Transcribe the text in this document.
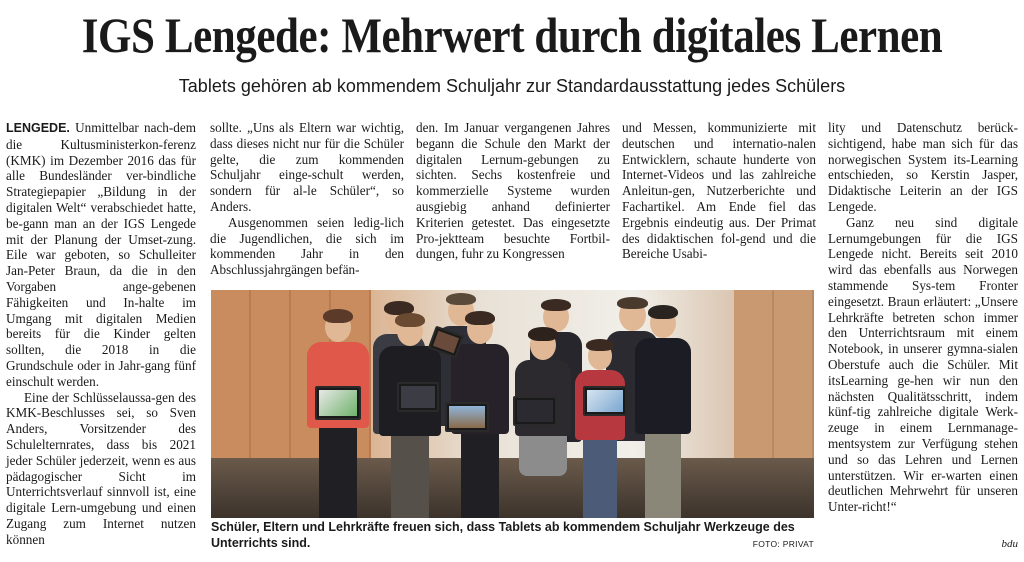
IGS Lengede: Mehrwert durch digitales Lernen
Tablets gehören ab kommendem Schuljahr zur Standardausstattung jedes Schülers

LENGEDE. Unmittelbar nach-dem die Kultusministerkon-ferenz (KMK) im Dezember 2016 das für alle Bundesländer ver-bindliche Strategiepapier „Bildung in der digitalen Welt“ verabschiedet hatte, be-gann man an der IGS Lengede mit der Planung der Umset-zung. Eile war geboten, so Schulleiter Jan-Peter Braun, da die in den Vorgaben ange-gebenen Fähigkeiten und In-halte im Umgang mit digitalen Medien bereits für die Kinder gelten sollten, die 2018 in die Grundschule oder in Jahr-gang fünf einschult werden.

Eine der Schlüsselaussa-gen des KMK-Beschlusses sei, so Sven Anders, Vorsitzender des Schulelternrates, dass bis 2021 jeder Schüler jederzeit, wenn es aus pädagogischer Sicht im Unterrichtsverlauf sinnvoll ist, eine digitale Lern-umgebung und einen Zugang zum Internet nutzen können

sollte. „Uns als Eltern war wichtig, dass dieses nicht nur für die Schüler gelte, die zum kommenden Schuljahr einge-schult werden, sondern für al-le Schüler“, so Anders.

Ausgenommen seien ledig-lich die Jugendlichen, die sich im kommenden Jahr in den Abschlussjahrgängen befän-

den. Im Januar vergangenen Jahres begann die Schule den Markt der digitalen Lernum-gebungen zu sichten. Sechs kostenfreie und kommerzielle Systeme wurden ausgiebig anhand definierter Kriterien getestet. Das eingesetzte Pro-jektteam besuchte Fortbil-dungen, fuhr zu Kongressen

und Messen, kommunizierte mit deutschen und internatio-nalen Entwicklern, schaute hunderte von Internet-Videos und las zahlreiche Anleitun-gen, Nutzerberichte und Fachartikel. Am Ende fiel das Ergebnis eindeutig aus. Der Primat des didaktischen fol-gend und die Bereiche Usabi-

lity und Datenschutz berück-sichtigend, habe man sich für das norwegischen System its-Learning entschieden, so Kerstin Jasper, Didaktische Leiterin an der IGS Lengede.

Ganz neu sind digitale Lernumgebungen für die IGS Lengede nicht. Bereits seit 2010 wird das ebenfalls aus Norwegen stammende Sys-tem Fronter eingesetzt. Braun erläutert: „Unsere Lehrkräfte betreten schon immer den Unterrichtsraum mit einem Notebook, in unserer gymna-sialen Oberstufe auch die Schüler. Mit itsLearning ge-hen wir nun den nächsten Qualitätsschritt, indem künf-tig zahlreiche digitale Werk-zeuge in einem Lernmanage-mentsystem zur Verfügung stehen und so das Lehren und Lernen unterstützen. Wir er-warten einen deutlichen Mehrwehrt für unseren Unter-richt!“

Schüler, Eltern und Lehrkräfte freuen sich, dass Tablets ab kommendem Schuljahr Werkzeuge des Unterrichts sind.	FOTO: PRIVAT	bdu
